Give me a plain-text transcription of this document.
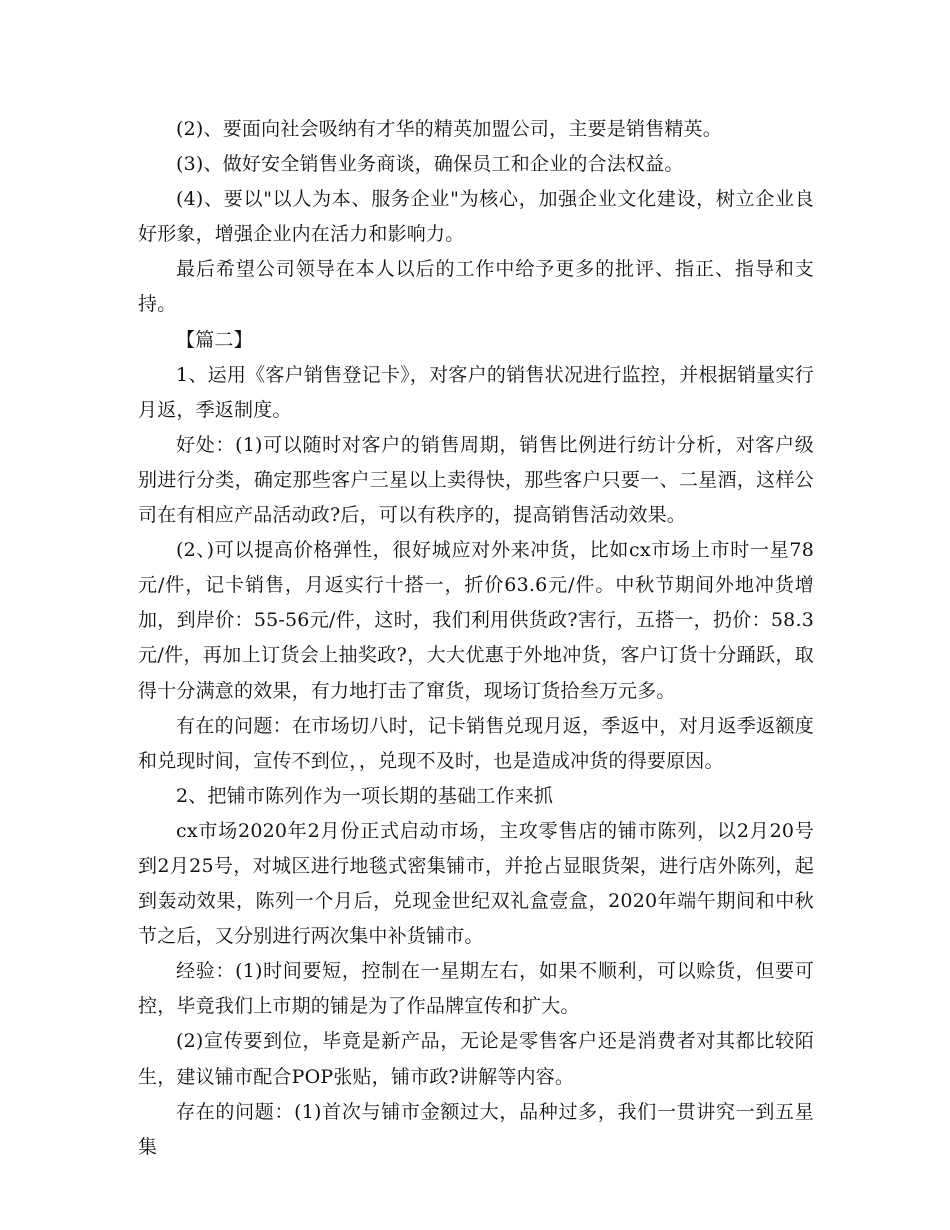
(2)、要面向社会吸纳有才华的精英加盟公司，主要是销售精英。

(3)、做好安全销售业务商谈，确保员工和企业的合法权益。

(4)、要以"以人为本、服务企业"为核心，加强企业文化建设，树立企业良好形象，增强企业内在活力和影响力。

最后希望公司领导在本人以后的工作中给予更多的批评、指正、指导和支持。

【篇二】

1、运用《客户销售登记卡》，对客户的销售状况进行监控，并根据销量实行月返，季返制度。

好处：(1)可以随时对客户的销售周期，销售比例进行纺计分析，对客户级别进行分类，确定那些客户三星以上卖得快，那些客户只要一、二星酒，这样公司在有相应产品活动政?后，可以有秩序的，提高销售活动效果。

(2、)可以提高价格弹性，很好城应对外来冲货，比如cx市场上市时一星78元/件，记卡销售，月返实行十搭一，折价63.6元/件。中秋节期间外地冲货增加，到岸价：55-56元/件，这时，我们利用供货政?害行，五搭一，扔价：58.3元/件，再加上订货会上抽奖政?，大大优惠于外地冲货，客户订货十分踊跃，取得十分满意的效果，有力地打击了窜货，现场订货拾叁万元多。

有在的问题：在市场切八时，记卡销售兑现月返，季返中，对月返季返额度和兑现时间，宣传不到位，，兑现不及时，也是造成冲货的得要原因。

2、把铺市陈列作为一项长期的基础工作来抓

cx市场2020年2月份正式启动市场，主攻零售店的铺市陈列，以2月20号到2月25号，对城区进行地毯式密集铺市，并抢占显眼货架，进行店外陈列，起到轰动效果，陈列一个月后，兑现金世纪双礼盒壹盒，2020年端午期间和中秋节之后，又分别进行两次集中补货铺市。

经验：(1)时间要短，控制在一星期左右，如果不顺利，可以赊货，但要可控，毕竟我们上市期的铺是为了作品牌宣传和扩大。

(2)宣传要到位，毕竟是新产品，无论是零售客户还是消费者对其都比较陌生，建议铺市配合POP张贴，铺市政?讲解等内容。

存在的问题：(1)首次与铺市金额过大，品种过多，我们一贯讲究一到五星集
